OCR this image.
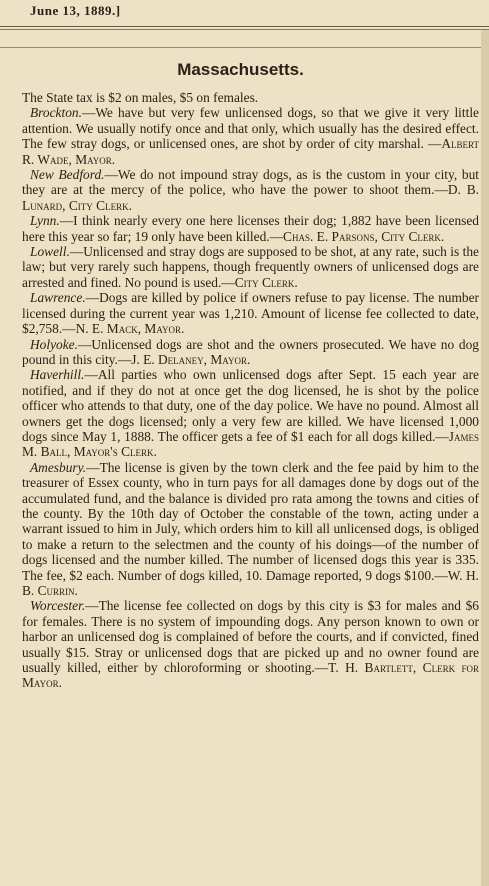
June 13, 1889.]
Massachusetts.

The State tax is $2 on males, $5 on females.

Brockton.—We have but very few unlicensed dogs, so that we give it very little attention. We usually notify once and that only, which usually has the desired effect. The few stray dogs, or unlicensed ones, are shot by order of city marshal. —Albert R. Wade, Mayor.

New Bedford.—We do not impound stray dogs, as is the custom in your city, but they are at the mercy of the police, who have the power to shoot them.—D. B. Lunard, City Clerk.

Lynn.—I think nearly every one here licenses their dog; 1,882 have been licensed here this year so far; 19 only have been killed.—Chas. E. Parsons, City Clerk.

Lowell.—Unlicensed and stray dogs are supposed to be shot, at any rate, such is the law; but very rarely such happens, though frequently owners of unlicensed dogs are arrested and fined. No pound is used.—City Clerk.

Lawrence.—Dogs are killed by police if owners refuse to pay license. The number licensed during the current year was 1,210. Amount of license fee collected to date, $2,758.—N. E. Mack, Mayor.

Holyoke.—Unlicensed dogs are shot and the owners prosecuted. We have no dog pound in this city.—J. E. Delaney, Mayor.

Haverhill.—All parties who own unlicensed dogs after Sept. 15 each year are notified, and if they do not at once get the dog licensed, he is shot by the police officer who attends to that duty, one of the day police. We have no pound. Almost all owners get the dogs licensed; only a very few are killed. We have licensed 1,000 dogs since May 1, 1888. The officer gets a fee of $1 each for all dogs killed.—James M. Ball, Mayor's Clerk.

Amesbury.—The license is given by the town clerk and the fee paid by him to the treasurer of Essex county, who in turn pays for all damages done by dogs out of the accumulated fund, and the balance is divided pro rata among the towns and cities of the county. By the 10th day of October the constable of the town, acting under a warrant issued to him in July, which orders him to kill all unlicensed dogs, is obliged to make a return to the selectmen and the county of his doings—of the number of dogs licensed and the number killed. The number of licensed dogs this year is 335. The fee, $2 each. Number of dogs killed, 10. Damage reported, 9 dogs $100.—W. H. B. Currin.

Worcester.—The license fee collected on dogs by this city is $3 for males and $6 for females. There is no system of impounding dogs. Any person known to own or harbor an unlicensed dog is complained of before the courts, and if convicted, fined usually $15. Stray or unlicensed dogs that are picked up and no owner found are usually killed, either by chloroforming or shooting.—T. H. Bartlett, Clerk for Mayor.
